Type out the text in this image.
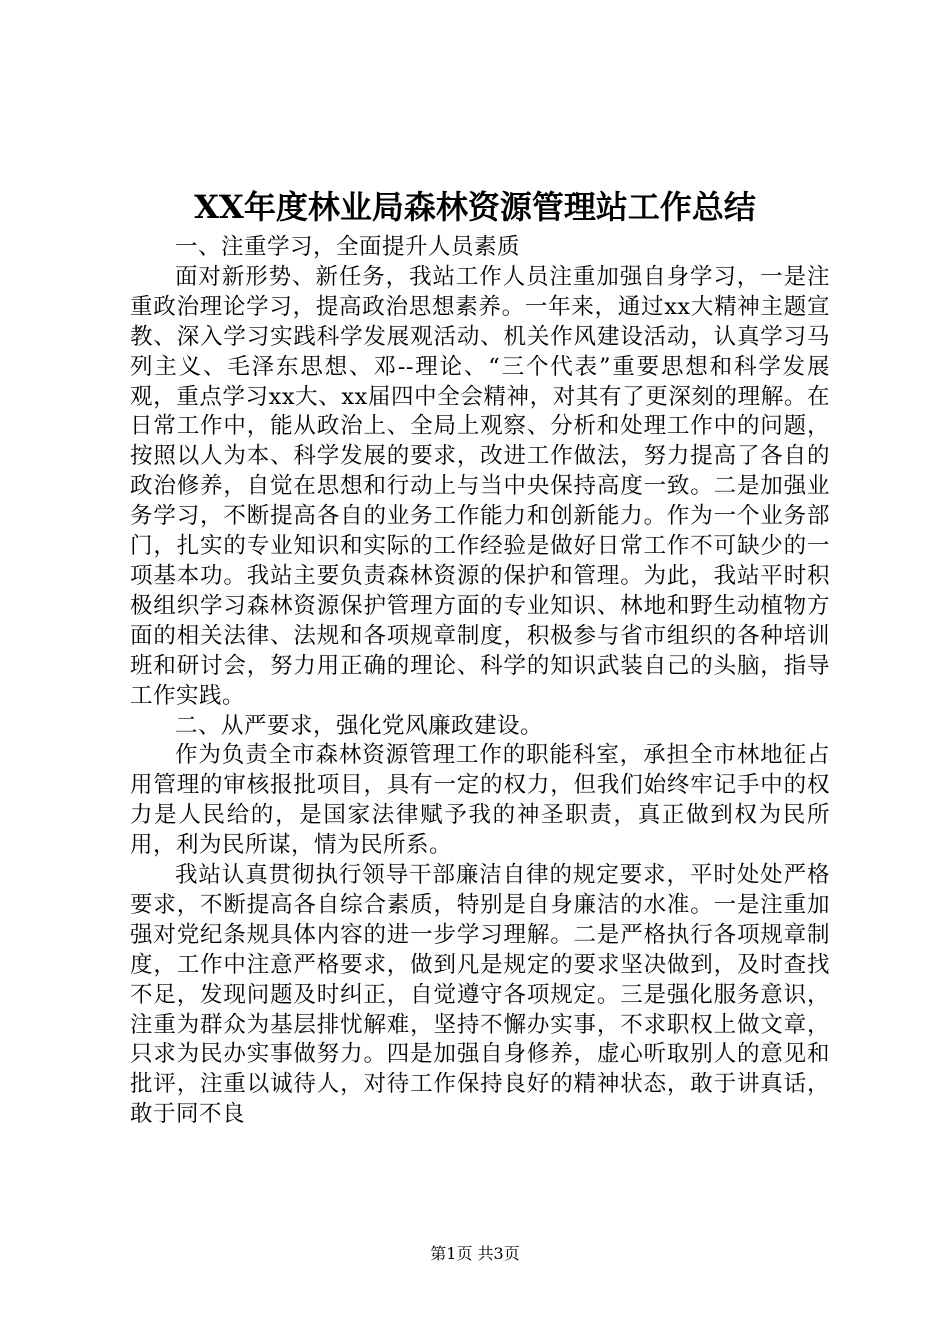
XX年度林业局森林资源管理站工作总结

一、注重学习，全面提升人员素质

面对新形势、新任务，我站工作人员注重加强自身学习，一是注重政治理论学习，提高政治思想素养。一年来，通过xx大精神主题宣教、深入学习实践科学发展观活动、机关作风建设活动，认真学习马列主义、毛泽东思想、邓--理论、“三个代表”重要思想和科学发展观，重点学习xx大、xx届四中全会精神，对其有了更深刻的理解。在日常工作中，能从政治上、全局上观察、分析和处理工作中的问题，按照以人为本、科学发展的要求，改进工作做法，努力提高了各自的政治修养，自觉在思想和行动上与当中央保持高度一致。二是加强业务学习，不断提高各自的业务工作能力和创新能力。作为一个业务部门，扎实的专业知识和实际的工作经验是做好日常工作不可缺少的一项基本功。我站主要负责森林资源的保护和管理。为此，我站平时积极组织学习森林资源保护管理方面的专业知识、林地和野生动植物方面的相关法律、法规和各项规章制度，积极参与省市组织的各种培训班和研讨会，努力用正确的理论、科学的知识武装自己的头脑，指导工作实践。

二、从严要求，强化党风廉政建设。

作为负责全市森林资源管理工作的职能科室，承担全市林地征占用管理的审核报批项目，具有一定的权力，但我们始终牢记手中的权力是人民给的，是国家法律赋予我的神圣职责，真正做到权为民所用，利为民所谋，情为民所系。

我站认真贯彻执行领导干部廉洁自律的规定要求，平时处处严格要求，不断提高各自综合素质，特别是自身廉洁的水准。一是注重加强对党纪条规具体内容的进一步学习理解。二是严格执行各项规章制度，工作中注意严格要求，做到凡是规定的要求坚决做到，及时查找不足，发现问题及时纠正，自觉遵守各项规定。三是强化服务意识，注重为群众为基层排忧解难，坚持不懈办实事，不求职权上做文章，只求为民办实事做努力。四是加强自身修养，虚心听取别人的意见和批评，注重以诚待人，对待工作保持良好的精神状态，敢于讲真话，敢于同不良

第1页 共3页
